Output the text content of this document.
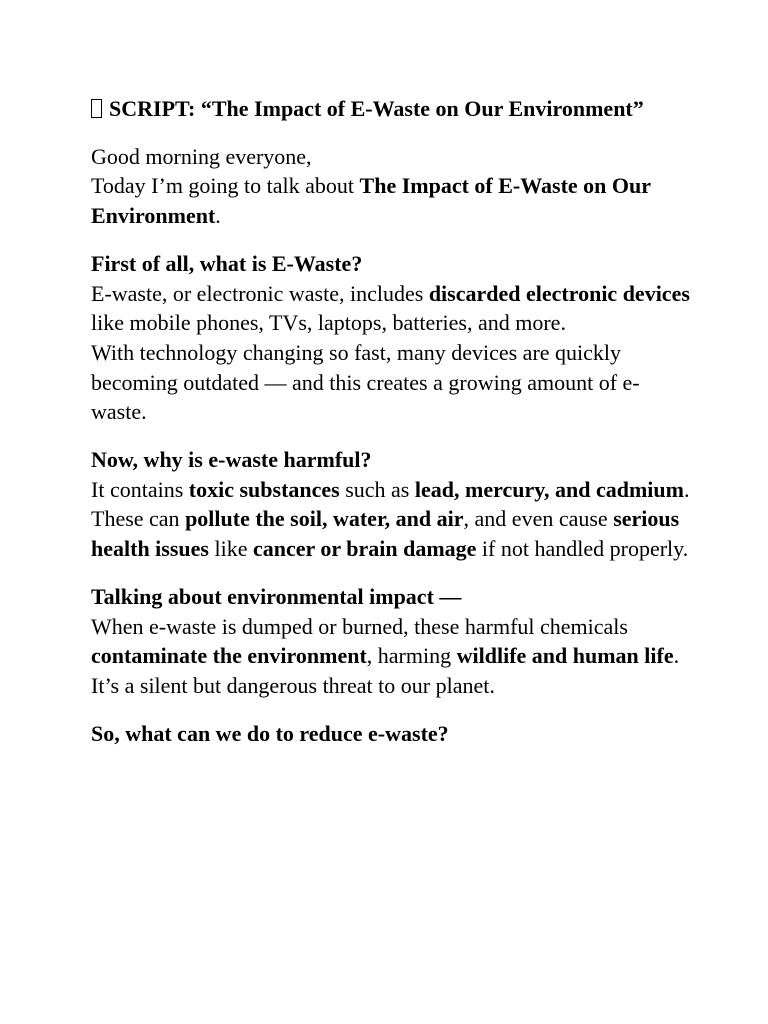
SCRIPT: “The Impact of E-Waste on Our Environment”
Good morning everyone,
Today I’m going to talk about The Impact of E-Waste on Our Environment.
First of all, what is E-Waste?
E-waste, or electronic waste, includes discarded electronic devices like mobile phones, TVs, laptops, batteries, and more.
With technology changing so fast, many devices are quickly becoming outdated — and this creates a growing amount of e-waste.
Now, why is e-waste harmful?
It contains toxic substances such as lead, mercury, and cadmium.
These can pollute the soil, water, and air, and even cause serious health issues like cancer or brain damage if not handled properly.
Talking about environmental impact —
When e-waste is dumped or burned, these harmful chemicals contaminate the environment, harming wildlife and human life.
It’s a silent but dangerous threat to our planet.
So, what can we do to reduce e-waste?
